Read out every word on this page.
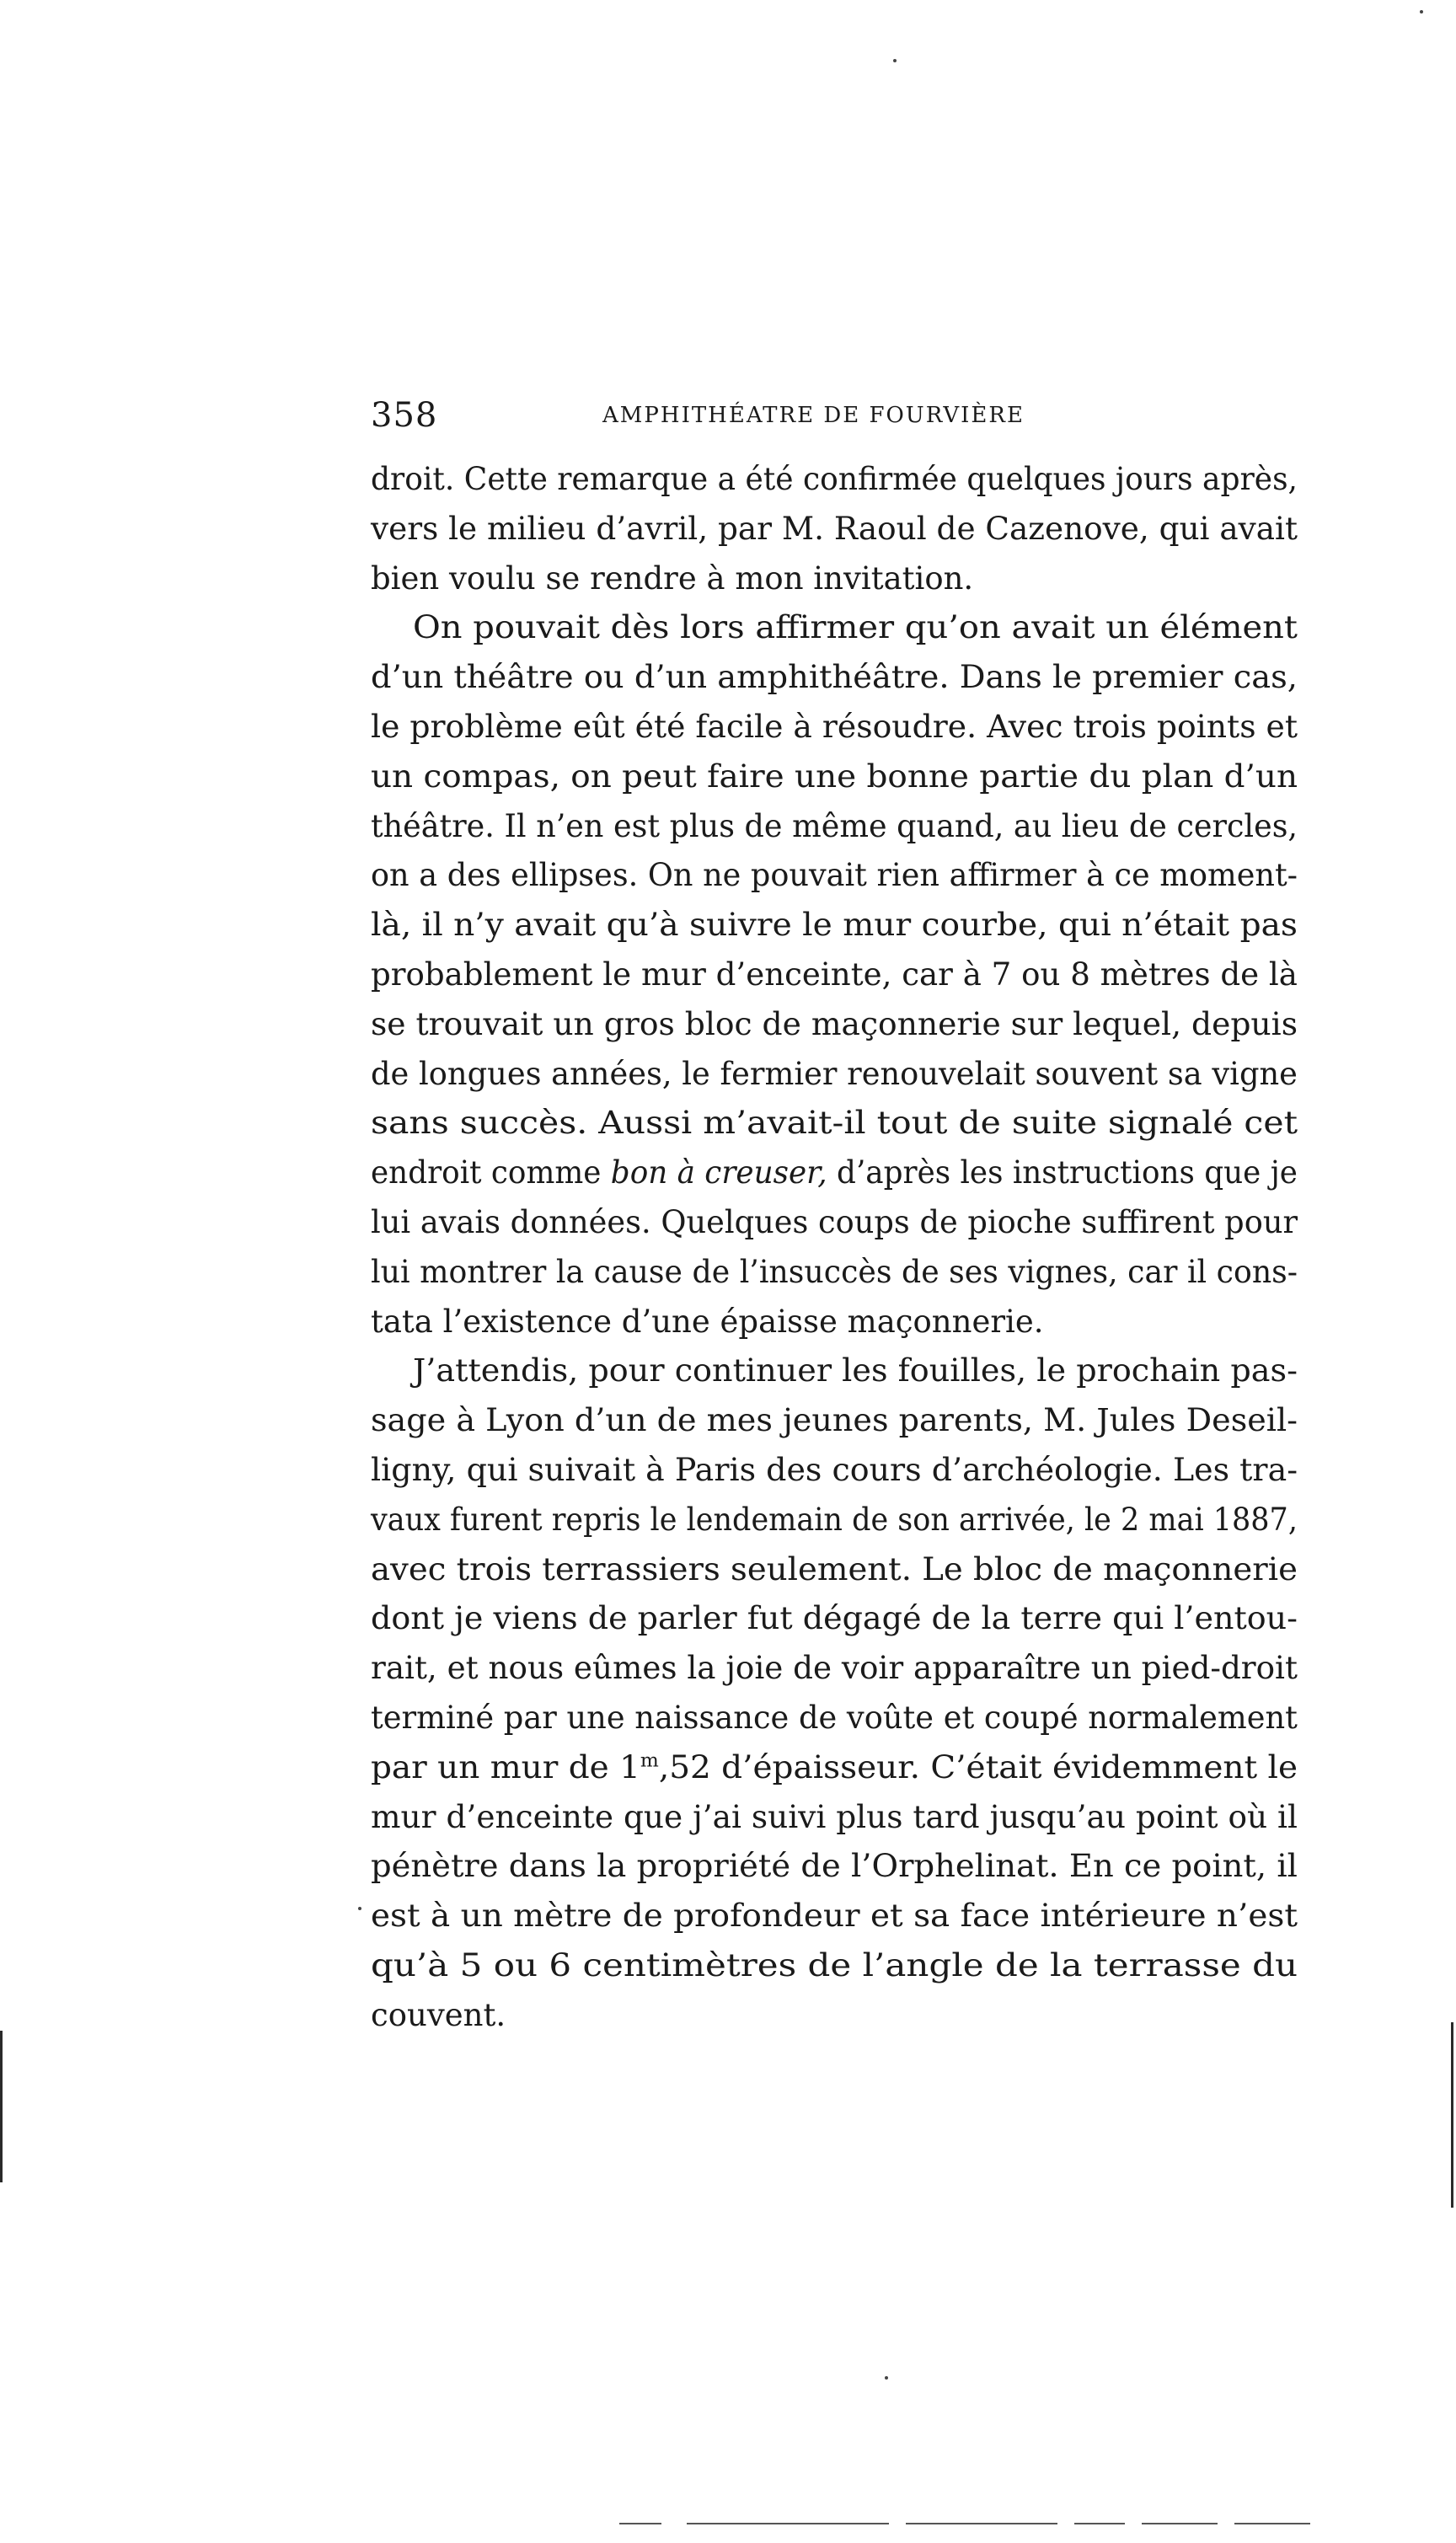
358	AMPHITHÉATRE DE FOURVIÈRE
droit. Cette remarque a été confirmée quelques jours après,
vers le milieu d’avril, par M. Raoul de Cazenove, qui avait
bien voulu se rendre à mon invitation.
On pouvait dès lors affirmer qu’on avait un élément
d’un théâtre ou d’un amphithéâtre. Dans le premier cas,
le problème eût été facile à résoudre. Avec trois points et
un compas, on peut faire une bonne partie du plan d’un
théâtre. Il n’en est plus de même quand, au lieu de cercles,
on a des ellipses. On ne pouvait rien affirmer à ce moment-
là, il n’y avait qu’à suivre le mur courbe, qui n’était pas
probablement le mur d’enceinte, car à 7 ou 8 mètres de là
se trouvait un gros bloc de maçonnerie sur lequel, depuis
de longues années, le fermier renouvelait souvent sa vigne
sans succès. Aussi m’avait-il tout de suite signalé cet
endroit comme bon à creuser, d’après les instructions que je
lui avais données. Quelques coups de pioche suffirent pour
lui montrer la cause de l’insuccès de ses vignes, car il cons-
tata l’existence d’une épaisse maçonnerie.
J’attendis, pour continuer les fouilles, le prochain pas-
sage à Lyon d’un de mes jeunes parents, M. Jules Deseil-
ligny, qui suivait à Paris des cours d’archéologie. Les tra-
vaux furent repris le lendemain de son arrivée, le 2 mai 1887,
avec trois terrassiers seulement. Le bloc de maçonnerie
dont je viens de parler fut dégagé de la terre qui l’entou-
rait, et nous eûmes la joie de voir apparaître un pied-droit
terminé par une naissance de voûte et coupé normalement
par un mur de 1$^m$,52 d’épaisseur. C’était évidemment le
mur d’enceinte que j’ai suivi plus tard jusqu’au point où il
pénètre dans la propriété de l’Orphelinat. En ce point, il
est à un mètre de profondeur et sa face intérieure n’est
qu’à 5 ou 6 centimètres de l’angle de la terrasse du
couvent.
